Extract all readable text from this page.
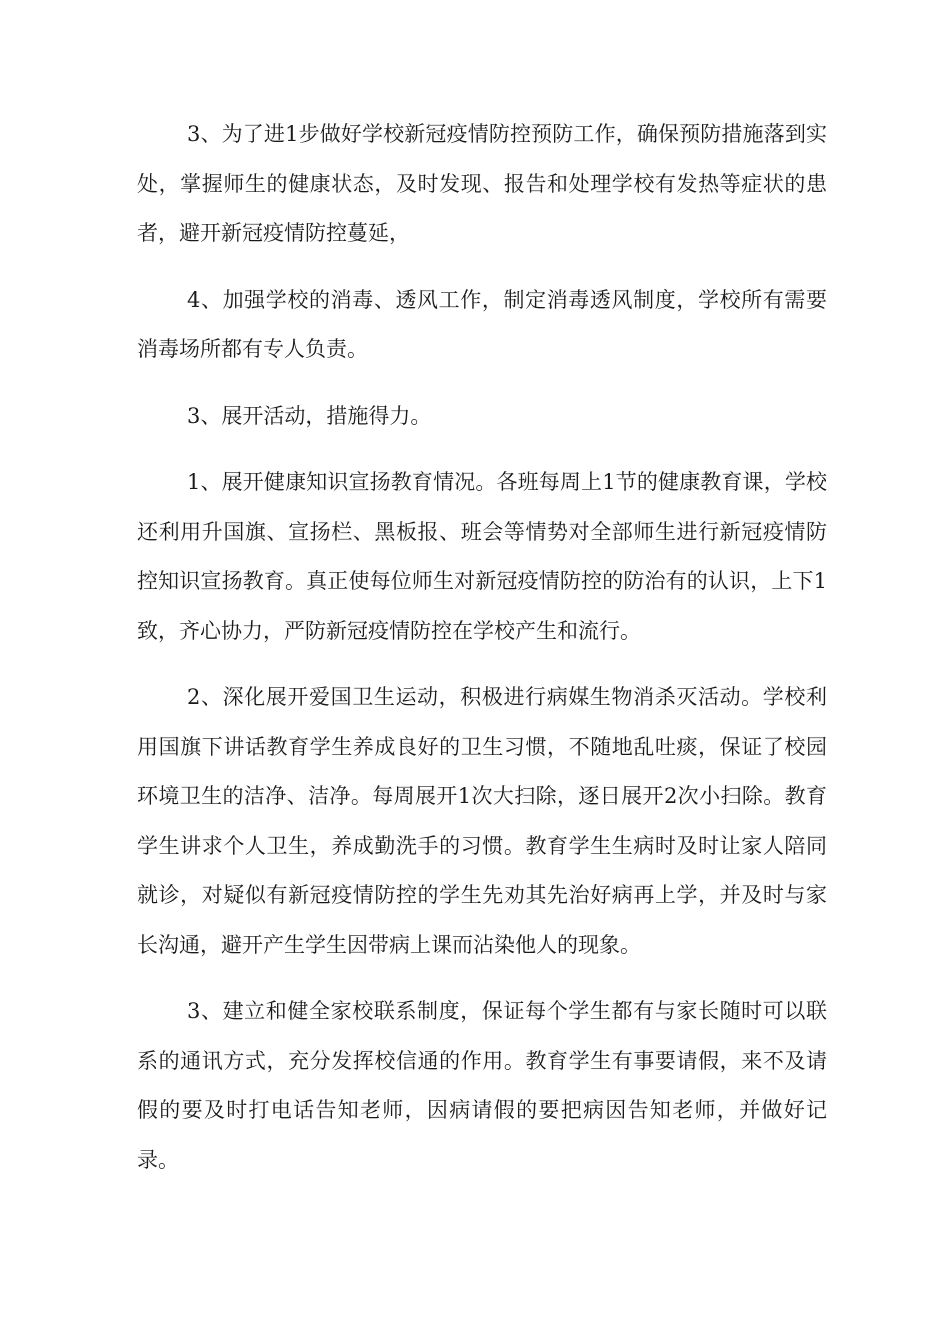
3、为了进1步做好学校新冠疫情防控预防工作，确保预防措施落到实处，掌握师生的健康状态，及时发现、报告和处理学校有发热等症状的患者，避开新冠疫情防控蔓延，

4、加强学校的消毒、透风工作，制定消毒透风制度，学校所有需要消毒场所都有专人负责。

3、展开活动，措施得力。

1、展开健康知识宣扬教育情况。各班每周上1节的健康教育课，学校还利用升国旗、宣扬栏、黑板报、班会等情势对全部师生进行新冠疫情防控知识宣扬教育。真正使每位师生对新冠疫情防控的防治有的认识，上下1致，齐心协力，严防新冠疫情防控在学校产生和流行。

2、深化展开爱国卫生运动，积极进行病媒生物消杀灭活动。学校利用国旗下讲话教育学生养成良好的卫生习惯，不随地乱吐痰，保证了校园环境卫生的洁净、洁净。每周展开1次大扫除，逐日展开2次小扫除。教育学生讲求个人卫生，养成勤洗手的习惯。教育学生生病时及时让家人陪同就诊，对疑似有新冠疫情防控的学生先劝其先治好病再上学，并及时与家长沟通，避开产生学生因带病上课而沾染他人的现象。

3、建立和健全家校联系制度，保证每个学生都有与家长随时可以联系的通讯方式，充分发挥校信通的作用。教育学生有事要请假，来不及请假的要及时打电话告知老师，因病请假的要把病因告知老师，并做好记录。
